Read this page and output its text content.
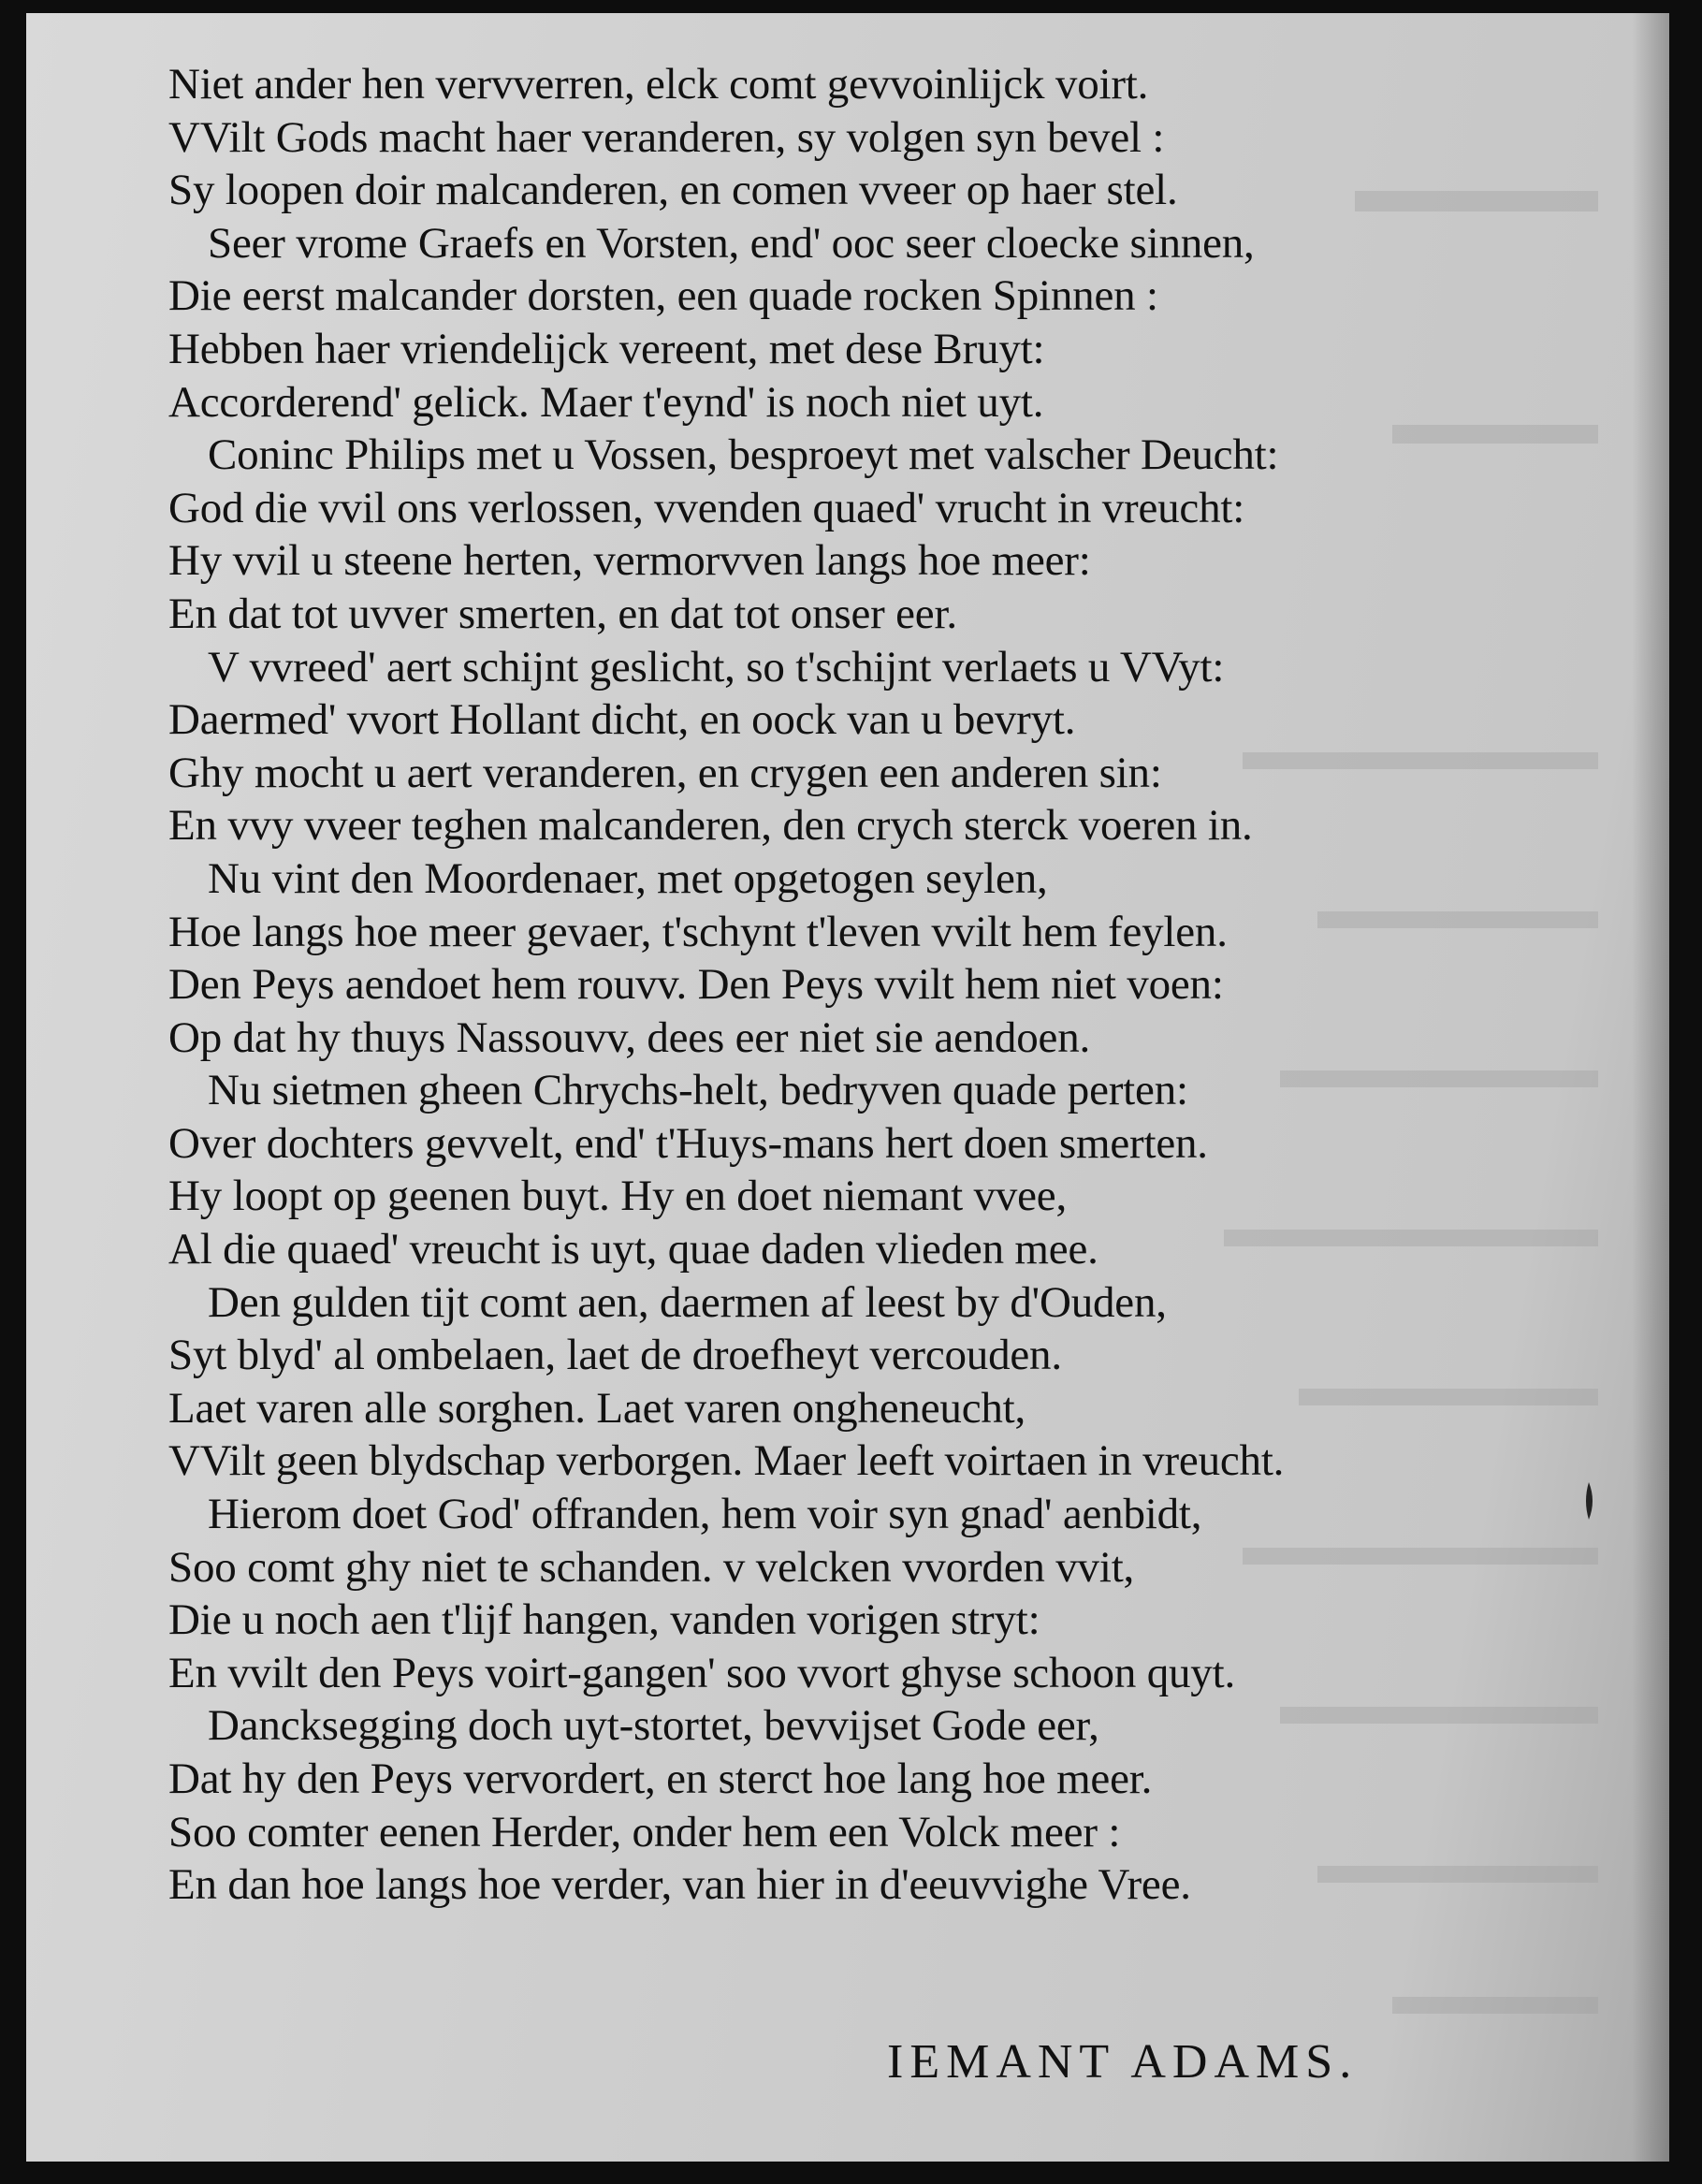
Niet ander hen vervverren, elck comt gevvoinlijck voirt.
VVilt Gods macht haer veranderen, sy volgen syn bevel :
Sy loopen doir malcanderen, en comen vveer op haer stel.
Seer vrome Graefs en Vorsten, end' ooc seer cloecke sinnen,
Die eerst malcander dorsten, een quade rocken Spinnen :
Hebben haer vriendelijck vereent, met dese Bruyt:
Accorderend' gelick. Maer t'eynd' is noch niet uyt.
Coninc Philips met u Vossen, besproeyt met valscher Deucht:
God die vvil ons verlossen, vvenden quaed' vrucht in vreucht:
Hy vvil u steene herten, vermorvven langs hoe meer:
En dat tot uvver smerten, en dat tot onser eer.
V vvreed' aert schijnt geslicht, so t'schijnt verlaets u VVyt:
Daermed' vvort Hollant dicht, en oock van u bevryt.
Ghy mocht u aert veranderen, en crygen een anderen sin:
En vvy vveer teghen malcanderen, den crych sterck voeren in.
Nu vint den Moordenaer, met opgetogen seylen,
Hoe langs hoe meer gevaer, t'schynt t'leven vvilt hem feylen.
Den Peys aendoet hem rouvv. Den Peys vvilt hem niet voen:
Op dat hy thuys Nassouvv, dees eer niet sie aendoen.
Nu sietmen gheen Chrychs-helt, bedryven quade perten:
Over dochters gevvelt, end' t'Huys-mans hert doen smerten.
Hy loopt op geenen buyt. Hy en doet niemant vvee,
Al die quaed' vreucht is uyt, quae daden vlieden mee.
Den gulden tijt comt aen, daermen af leest by d'Ouden,
Syt blyd' al ombelaen, laet de droefheyt vercouden.
Laet varen alle sorghen. Laet varen ongheneucht,
VVilt geen blydschap verborgen. Maer leeft voirtaen in vreucht.
Hierom doet God' offranden, hem voir syn gnad' aenbidt,
Soo comt ghy niet te schanden. v velcken vvorden vvit,
Die u noch aen t'lijf hangen, vanden vorigen stryt:
En vvilt den Peys voirt-gangen' soo vvort ghyse schoon quyt.
Dancksegging doch uyt-stortet, bevvijset Gode eer,
Dat hy den Peys vervordert, en sterct hoe lang hoe meer.
Soo comter eenen Herder, onder hem een Volck meer :
En dan hoe langs hoe verder, van hier in d'eeuvvighe Vree.
IEMANT ADAMS.
